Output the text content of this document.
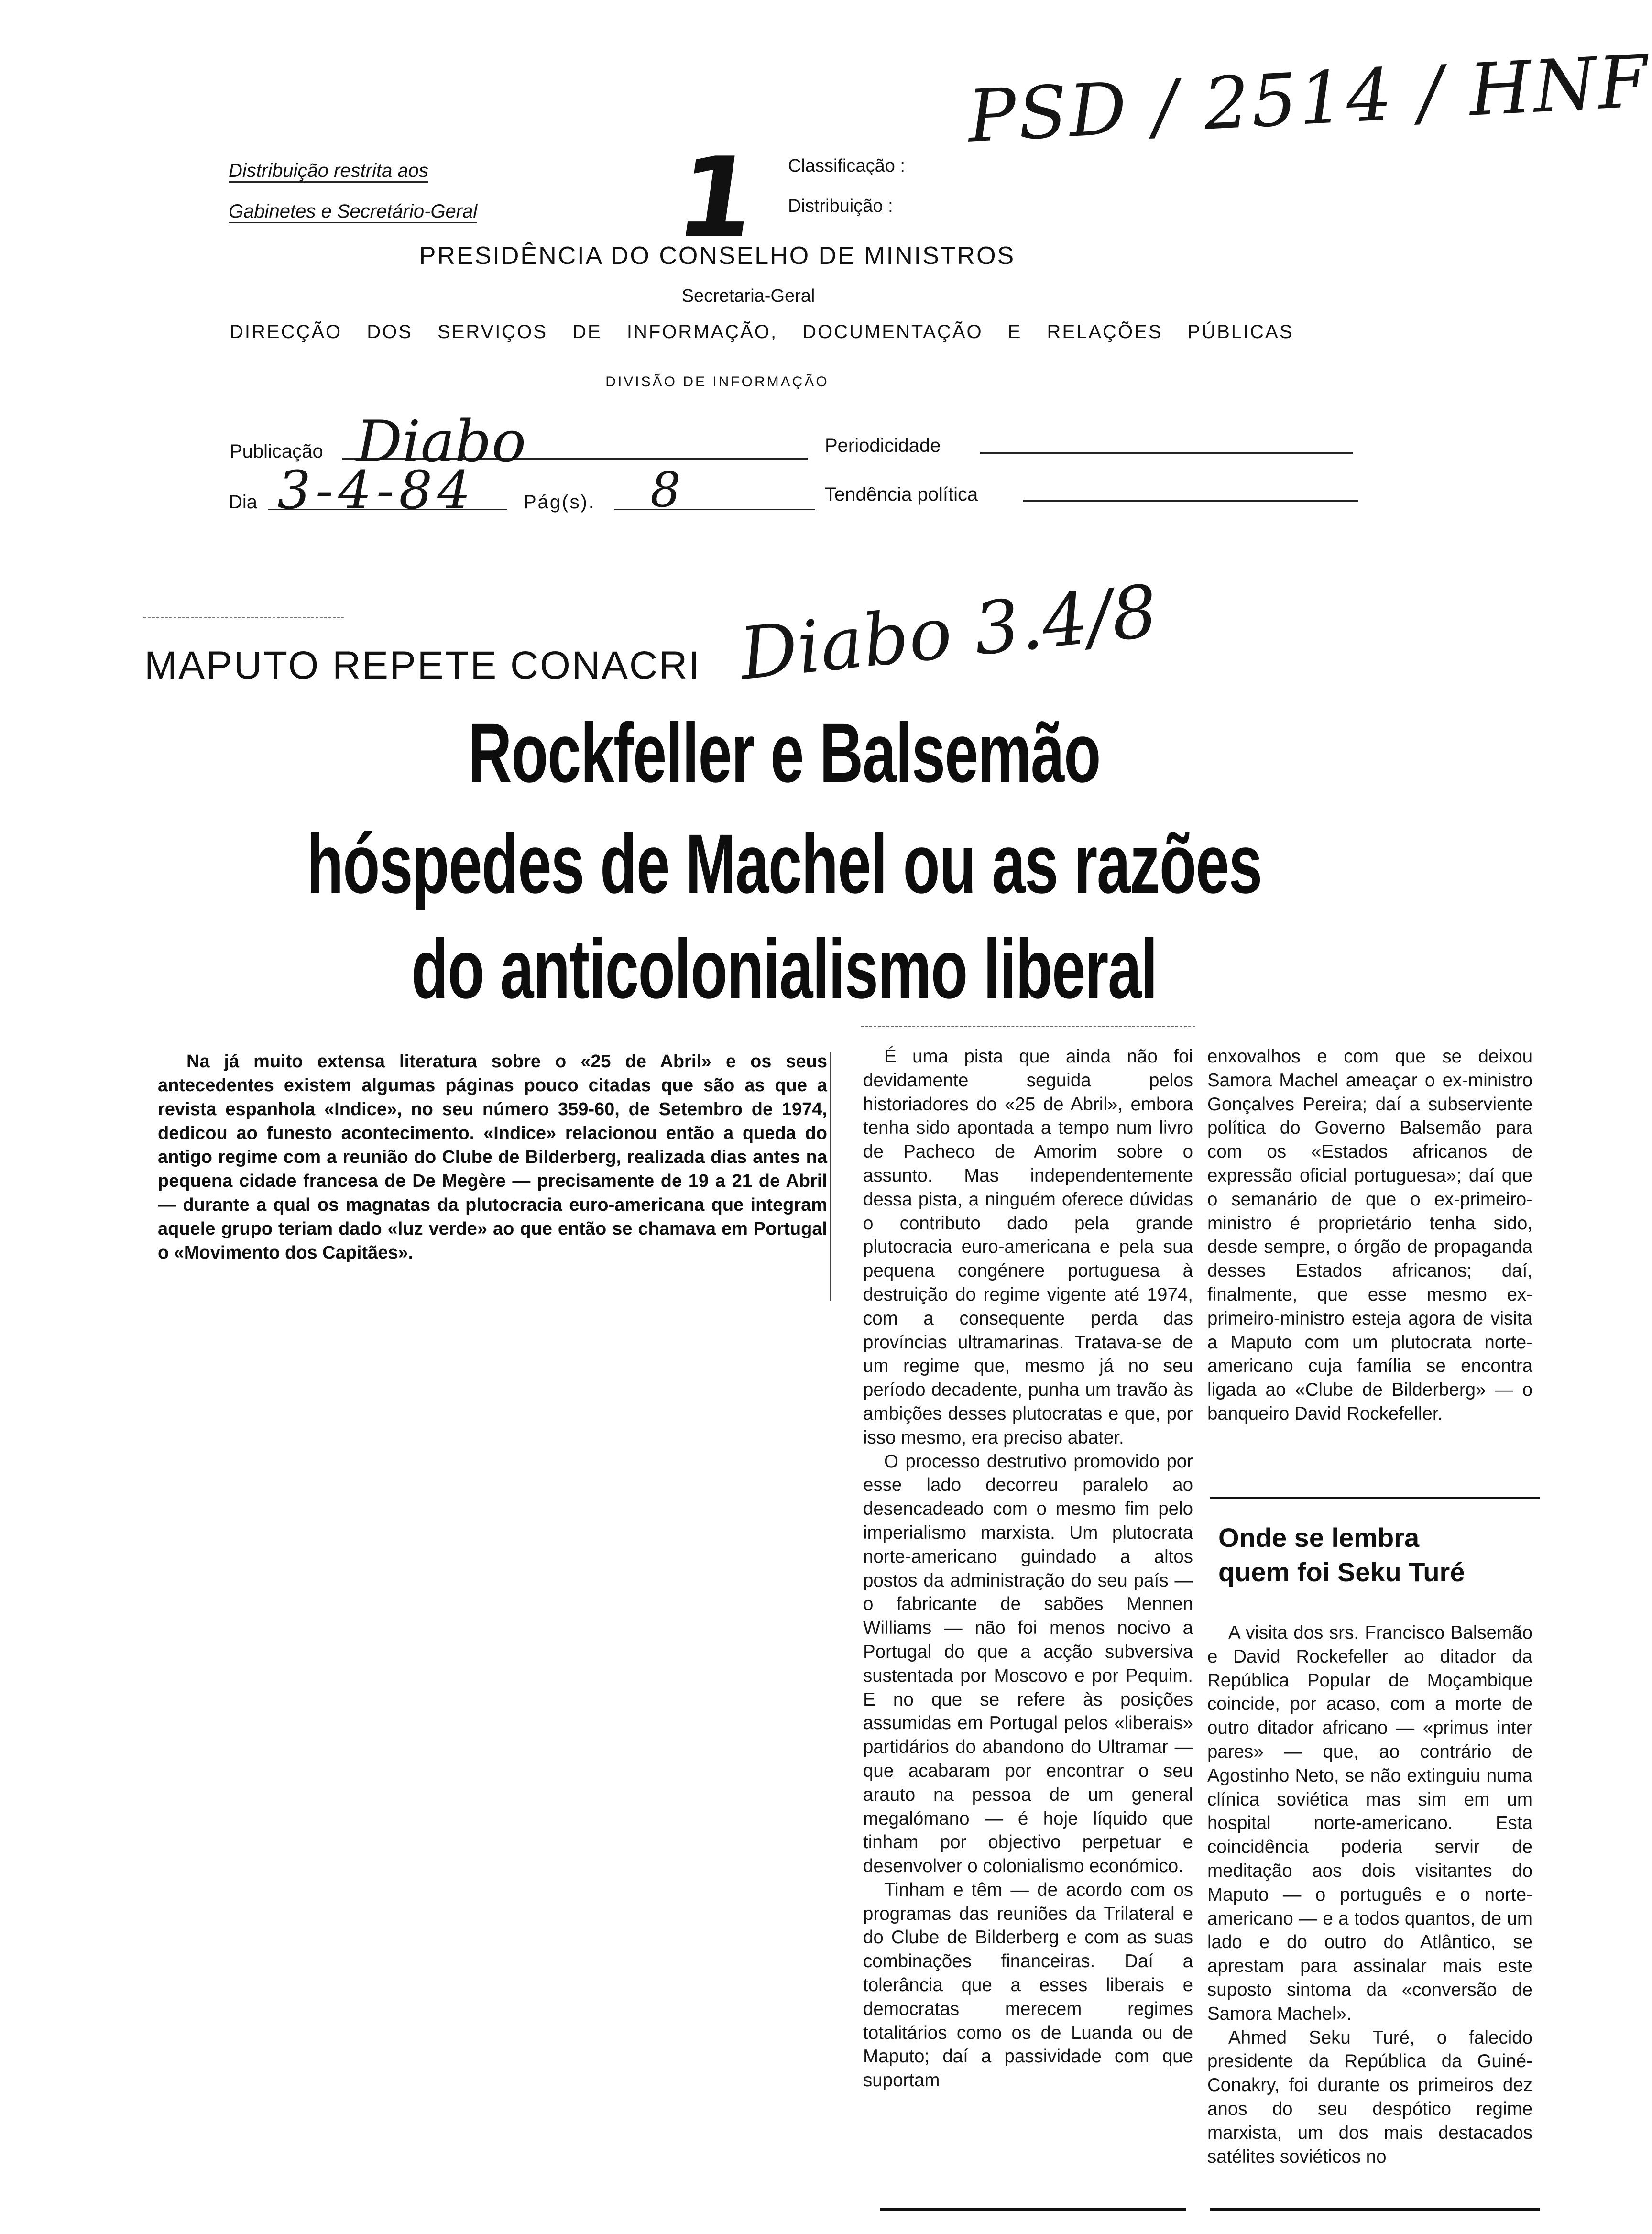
Distribuição restrita aos
Gabinetes e Secretário-Geral 1 Classificação :
Distribuição :
PSD / 2514 / HNF
PRESIDÊNCIA DO CONSELHO DE MINISTROS
Secretaria-Geral
DIRECÇÃO DOS SERVIÇOS DE INFORMAÇÃO, DOCUMENTAÇÃO E RELAÇÕES PÚBLICAS
DIVISÃO DE INFORMAÇÃO
Publicação Diabo	Periodicidade
Dia 3-4-84	Pág(s). 8	Tendência política
MAPUTO REPETE CONACRI Diabo 3.4/8
Rockfeller e Balsemão
hóspedes de Machel ou as razões
do anticolonialismo liberal

Na já muito extensa literatura sobre o «25 de Abril» e os seus antecedentes existem algumas páginas pouco citadas que são as que a revista espanhola «Indice», no seu número 359-60, de Setembro de 1974, dedicou ao funesto acontecimento. «Indice» relacionou então a queda do antigo regime com a reunião do Clube de Bilderberg, realizada dias antes na pequena cidade francesa de De Megère — precisamente de 19 a 21 de Abril — durante a qual os magnatas da plutocracia euro-americana que integram aquele grupo teriam dado «luz verde» ao que então se chamava em Portugal o «Movimento dos Capitães».

É uma pista que ainda não foi devidamente seguida pelos historiadores do «25 de Abril», embora tenha sido apontada a tempo num livro de Pacheco de Amorim sobre o assunto. Mas independentemente dessa pista, a ninguém oferece dúvidas o contributo dado pela grande plutocracia euro-americana e pela sua pequena congénere portuguesa à destruição do regime vigente até 1974, com a consequente perda das províncias ultramarinas. Tratava-se de um regime que, mesmo já no seu período decadente, punha um travão às ambições desses plutocratas e que, por isso mesmo, era preciso abater.

O processo destrutivo promovido por esse lado decorreu paralelo ao desencadeado com o mesmo fim pelo imperialismo marxista. Um plutocrata norte-americano guindado a altos postos da administração do seu país — o fabricante de sabões Mennen Williams — não foi menos nocivo a Portugal do que a acção subversiva sustentada por Moscovo e por Pequim. E no que se refere às posições assumidas em Portugal pelos «liberais» partidários do abandono do Ultramar — que acabaram por encontrar o seu arauto na pessoa de um general megalómano — é hoje líquido que tinham por objectivo perpetuar e desenvolver o colonialismo económico.

Tinham e têm — de acordo com os programas das reuniões da Trilateral e do Clube de Bilderberg e com as suas combinações financeiras. Daí a tolerância que a esses liberais e democratas merecem regimes totalitários como os de Luanda ou de Maputo; daí a passividade com que suportam

enxovalhos e com que se deixou Samora Machel ameaçar o ex-ministro Gonçalves Pereira; daí a subserviente política do Governo Balsemão para com os «Estados africanos de expressão oficial portuguesa»; daí que o semanário de que o ex-primeiro-ministro é proprietário tenha sido, desde sempre, o órgão de propaganda desses Estados africanos; daí, finalmente, que esse mesmo ex-primeiro-ministro esteja agora de visita a Maputo com um plutocrata norte-americano cuja família se encontra ligada ao «Clube de Bilderberg» — o banqueiro David Rockefeller.

Onde se lembra
quem foi Seku Turé

A visita dos srs. Francisco Balsemão e David Rockefeller ao ditador da República Popular de Moçambique coincide, por acaso, com a morte de outro ditador africano — «primus inter pares» — que, ao contrário de Agostinho Neto, se não extinguiu numa clínica soviética mas sim em um hospital norte-americano. Esta coincidência poderia servir de meditação aos dois visitantes do Maputo — o português e o norte-americano — e a todos quantos, de um lado e do outro do Atlântico, se aprestam para assinalar mais este suposto sintoma da «conversão de Samora Machel».

Ahmed Seku Turé, o falecido presidente da República da Guiné-Conakry, foi durante os primeiros dez anos do seu despótico regime marxista, um dos mais destacados satélites soviéticos no
